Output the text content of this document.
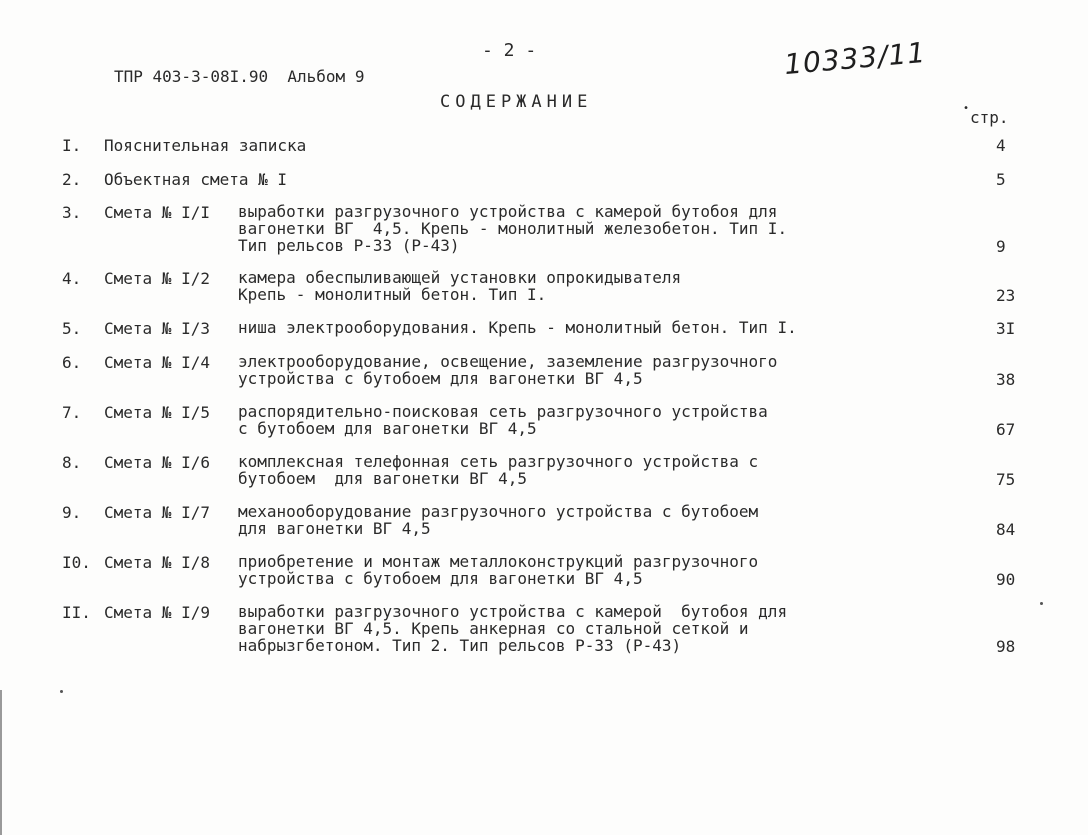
- 2 -	10333/11
ТПР 403-3-08I.90  Альбом 9
СОДЕРЖАНИЕ
• стр.
I. Пояснительная записка	4
2. Объектная смета № I	5
3. Смета № I/I выработки разгрузочного устройства с камерой бутобоя для
вагонетки ВГ  4,5. Крепь - монолитный железобетон. Тип I.
Тип рельсов Р-33 (Р-43)	9
4. Смета № I/2 камера обеспыливающей установки опрокидывателя
Крепь - монолитный бетон. Тип I.	23
5. Смета № I/3 ниша электрооборудования. Крепь - монолитный бетон. Тип I.	3I
6. Смета № I/4 электрооборудование, освещение, заземление разгрузочного
устройства с бутобоем для вагонетки ВГ 4,5	38
7. Смета № I/5 распорядительно-поисковая сеть разгрузочного устройства
с бутобоем для вагонетки ВГ 4,5	67
8. Смета № I/6 комплексная телефонная сеть разгрузочного устройства с
бутобоем  для вагонетки ВГ 4,5	75
9. Смета № I/7 механооборудование разгрузочного устройства с бутобоем
для вагонетки ВГ 4,5	84
I0. Смета № I/8 приобретение и монтаж металлоконструкций разгрузочного
устройства с бутобоем для вагонетки ВГ 4,5	90
II. Смета № I/9 выработки разгрузочного устройства с камерой  бутобоя для
вагонетки ВГ 4,5. Крепь анкерная со стальной сеткой и
набрызгбетоном. Тип 2. Тип рельсов Р-33 (Р-43)	98
